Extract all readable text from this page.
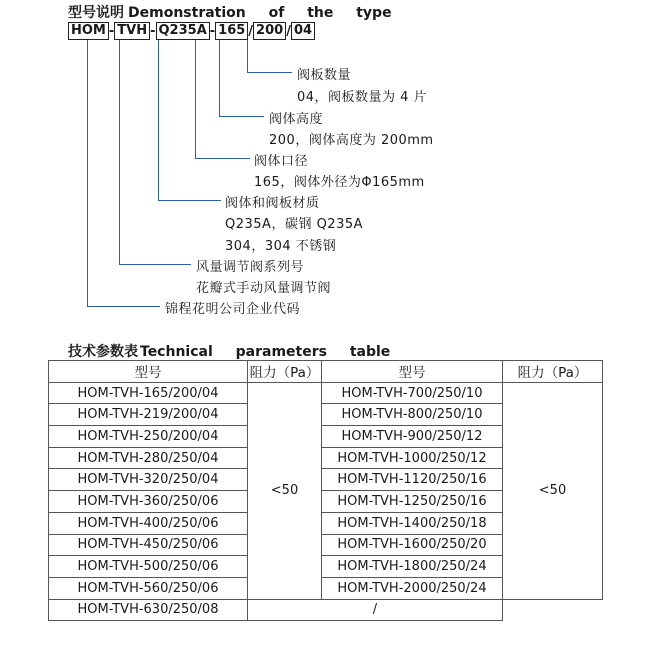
型号说明 Demonstration of the type
HOM - TVH - Q235A - 165 / 200 / 04
阀板数量
04，阀板数量为 4 片
阀体高度
200，阀体高度为 200mm
阀体口径
165，阀体外径为Φ165mm
阀体和阀板材质
Q235A，碳钢 Q235A
304，304 不锈钢
风量调节阀系列号
花瓣式手动风量调节阀
锦程花明公司企业代码
技术参数表 Technical parameters table
型号	阻力（Pa）	型号	阻力（Pa）
HOM-TVH-165/200/04	<50	HOM-TVH-700/250/10	<50
HOM-TVH-219/200/04		HOM-TVH-800/250/10	
HOM-TVH-250/200/04		HOM-TVH-900/250/12	
HOM-TVH-280/250/04		HOM-TVH-1000/250/12	
HOM-TVH-320/250/04		HOM-TVH-1120/250/16	
HOM-TVH-360/250/06		HOM-TVH-1250/250/16	
HOM-TVH-400/250/06		HOM-TVH-1400/250/18	
HOM-TVH-450/250/06		HOM-TVH-1600/250/20	
HOM-TVH-500/250/06		HOM-TVH-1800/250/24	
HOM-TVH-560/250/06		HOM-TVH-2000/250/24	
HOM-TVH-630/250/08	/		
